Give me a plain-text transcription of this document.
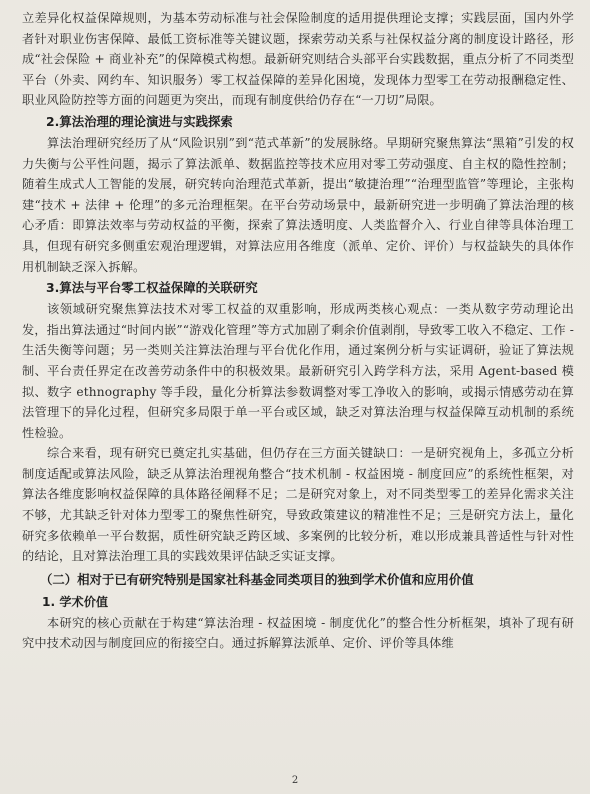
立差异化权益保障规则，为基本劳动标准与社会保险制度的适用提供理论支撑；实践层面，国内外学者针对职业伤害保障、最低工资标准等关键议题，探索劳动关系与社保权益分离的制度设计路径，形成“社会保险 + 商业补充”的保障模式构想。最新研究则结合头部平台实践数据，重点分析了不同类型平台（外卖、网约车、知识服务）零工权益保障的差异化困境，发现体力型零工在劳动报酬稳定性、职业风险防控等方面的问题更为突出，而现有制度供给仍存在“一刀切”局限。

2.算法治理的理论演进与实践探索

算法治理研究经历了从“风险识别”到“范式革新”的发展脉络。早期研究聚焦算法“黑箱”引发的权力失衡与公平性问题，揭示了算法派单、数据监控等技术应用对零工劳动强度、自主权的隐性控制；随着生成式人工智能的发展，研究转向治理范式革新，提出“敏捷治理”“治理型监管”等理论，主张构建“技术 + 法律 + 伦理”的多元治理框架。在平台劳动场景中，最新研究进一步明确了算法治理的核心矛盾：即算法效率与劳动权益的平衡，探索了算法透明度、人类监督介入、行业自律等具体治理工具，但现有研究多侧重宏观治理逻辑，对算法应用各维度（派单、定价、评价）与权益缺失的具体作用机制缺乏深入拆解。

3.算法与平台零工权益保障的关联研究

该领域研究聚焦算法技术对零工权益的双重影响，形成两类核心观点：一类从数字劳动理论出发，指出算法通过“时间内嵌”“游戏化管理”等方式加剧了剩余价值剥削，导致零工收入不稳定、工作 - 生活失衡等问题；另一类则关注算法治理与平台优化作用，通过案例分析与实证调研，验证了算法规制、平台责任界定在改善劳动条件中的积极效果。最新研究引入跨学科方法，采用 Agent-based 模拟、数字 ethnography 等手段，量化分析算法参数调整对零工净收入的影响，或揭示情感劳动在算法管理下的异化过程，但研究多局限于单一平台或区域，缺乏对算法治理与权益保障互动机制的系统性检验。

综合来看，现有研究已奠定扎实基础，但仍存在三方面关键缺口：一是研究视角上，多孤立分析制度适配或算法风险，缺乏从算法治理视角整合“技术机制 - 权益困境 - 制度回应”的系统性框架，对算法各维度影响权益保障的具体路径阐释不足；二是研究对象上，对不同类型零工的差异化需求关注不够，尤其缺乏针对体力型零工的聚焦性研究，导致政策建议的精准性不足；三是研究方法上，量化研究多依赖单一平台数据，质性研究缺乏跨区域、多案例的比较分析，难以形成兼具普适性与针对性的结论，且对算法治理工具的实践效果评估缺乏实证支撑。

（二）相对于已有研究特别是国家社科基金同类项目的独到学术价值和应用价值

1. 学术价值

本研究的核心贡献在于构建“算法治理 - 权益困境 - 制度优化”的整合性分析框架，填补了现有研究中技术动因与制度回应的衔接空白。通过拆解算法派单、定价、评价等具体维

2
